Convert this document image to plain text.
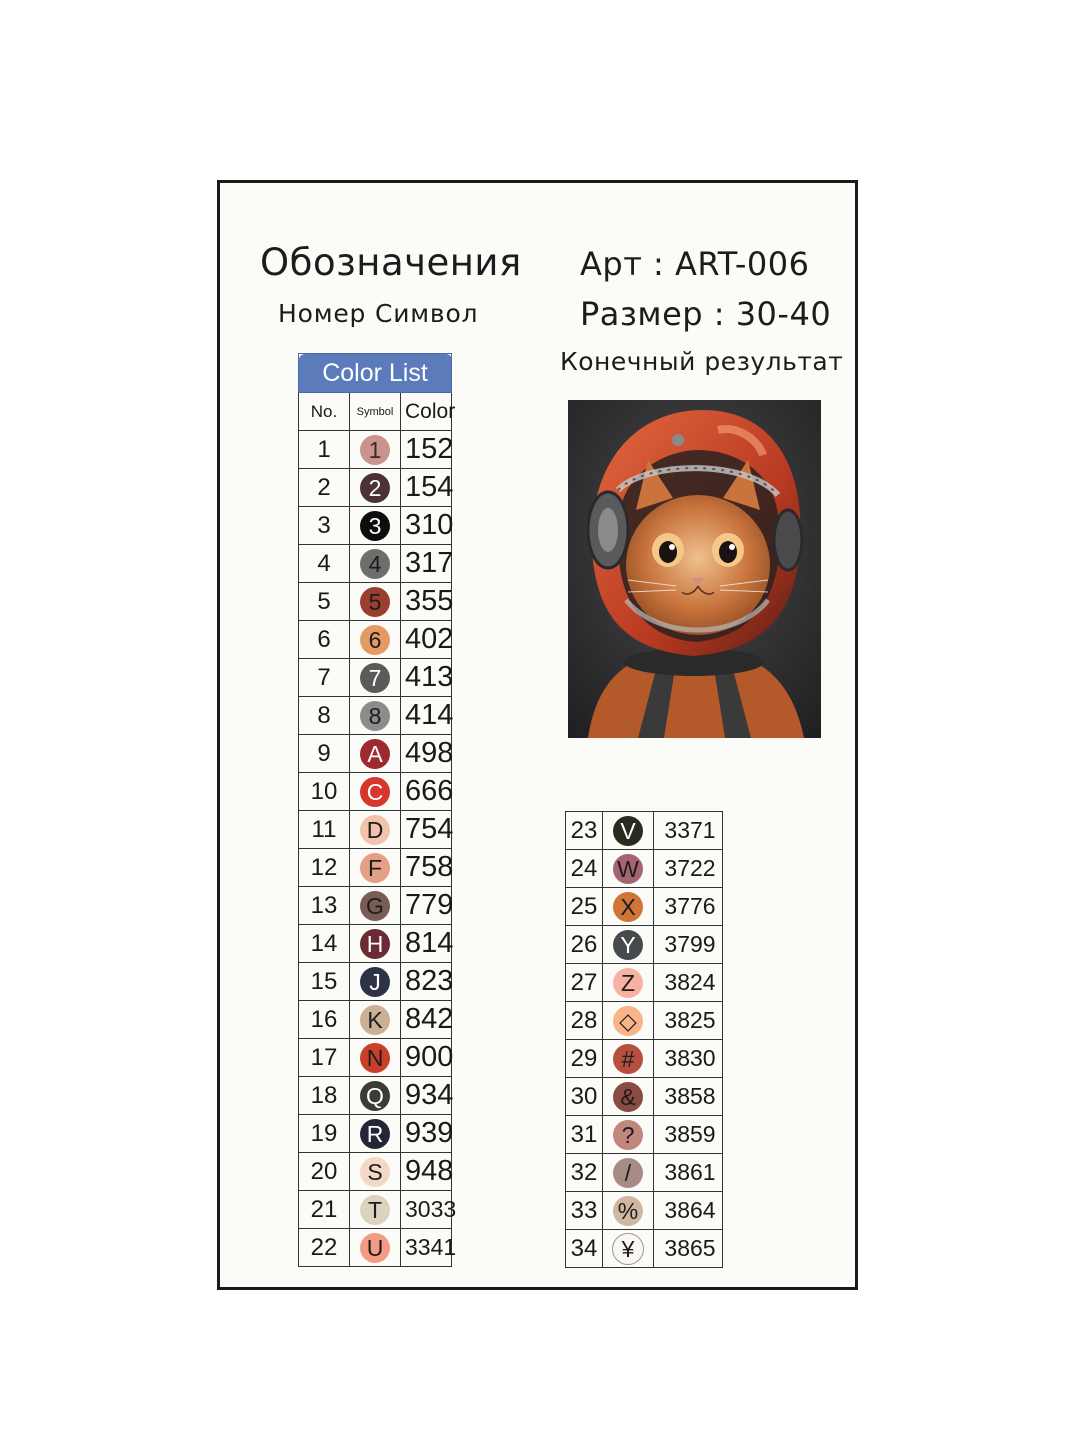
Обозначения
Номер Символ
Арт : ART-006
Размер : 30-40
Конечный результат
Color List		
No.	Symbol	Color
1	1	152
2	2	154
3	3	310
4	4	317
5	5	355
6	6	402
7	7	413
8	8	414
9	A	498
10	C	666
11	D	754
12	F	758
13	G	779
14	H	814
15	J	823
16	K	842
17	N	900
18	Q	934
19	R	939
20	S	948
21	T	3033
22	U	3341
23	V	3371
24	W	3722
25	X	3776
26	Y	3799
27	Z	3824
28	◇	3825
29	#	3830
30	&	3858
31	?	3859
32	/	3861
33	%	3864
34	¥	3865
